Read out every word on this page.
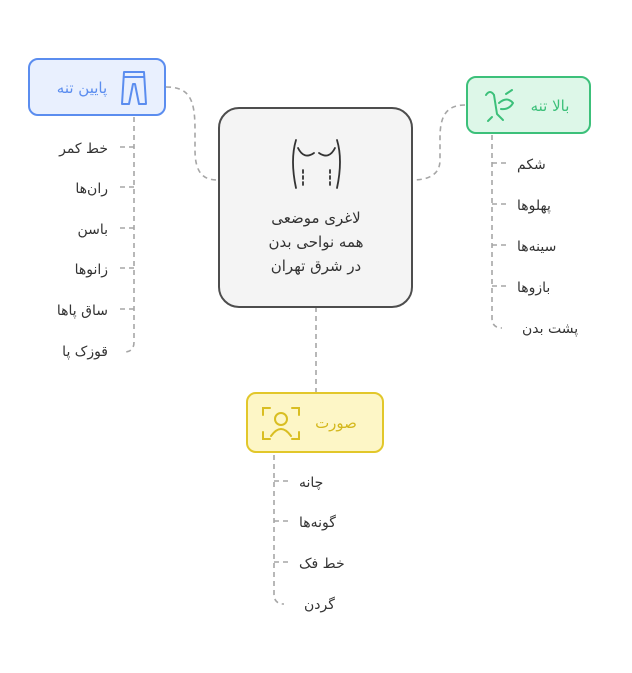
لاغری موضعی
همه نواحی بدن
در شرق تهران
پایین تنه
بالا تنه
صورت
خط کمر
ران‌ها
باسن
زانوها
ساق پاها
قوزک پا
شکم
پهلوها
سینه‌ها
بازوها
پشت بدن
چانه
گونه‌ها
خط فک
گردن
